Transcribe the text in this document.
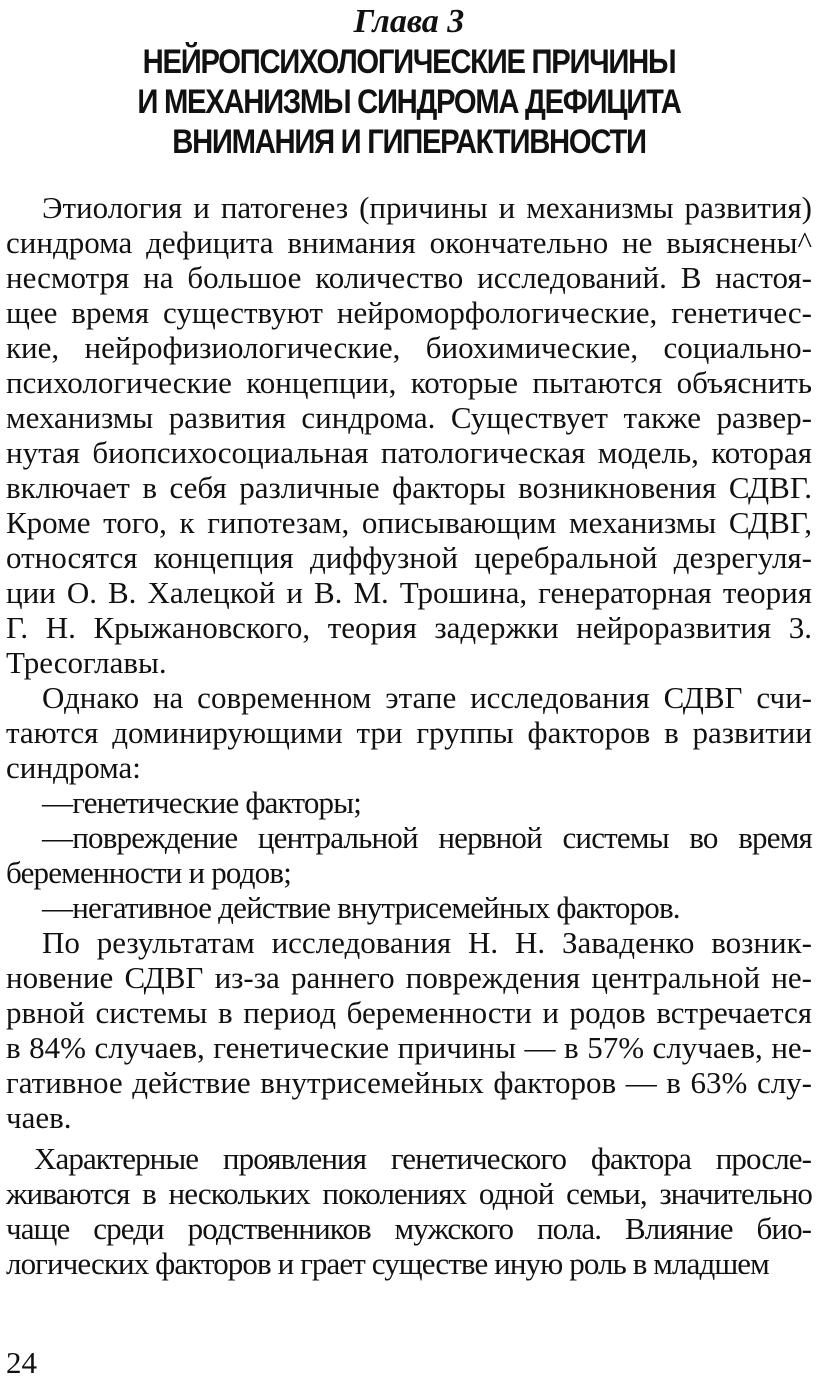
Глава 3
НЕЙРОПСИХОЛОГИЧЕСКИЕ ПРИЧИНЫ
И МЕХАНИЗМЫ СИНДРОМА ДЕФИЦИТА
ВНИМАНИЯ И ГИПЕРАКТИВНОСТИ

Этиология и патогенез (причины и механизмы развития) синдрома дефицита внимания окончательно не выяснены^ несмотря на большое количество исследований. В настоящее время существуют нейроморфологические, генетические, нейрофизиологические, биохимические, социально-психологические концепции, которые пытаются объяснить механизмы развития синдрома. Существует также развернутая биопсихосоциальная патологическая модель, которая включает в себя различные факторы возникновения СДВГ. Кроме того, к гипотезам, описывающим механизмы СДВГ, относятся концепция диффузной церебральной дезрегуляции О. В. Халецкой и В. М. Трошина, генераторная теория Г. Н. Крыжановского, теория задержки нейроразвития 3. Тресоглавы.

Однако на современном этапе исследования СДВГ считаются доминирующими три группы факторов в развитии синдрома:

—генетические факторы;

—повреждение центральной нервной системы во время беременности и родов;

—негативное действие внутрисемейных факторов.

По результатам исследования Н. Н. Заваденко возникновение СДВГ из-за раннего повреждения центральной нервной системы в период беременности и родов встречается в 84% случаев, генетические причины — в 57% случаев, негативное действие внутрисемейных факторов — в 63% случаев.

Характерные проявления генетического фактора прослеживаются в нескольких поколениях одной семьи, значительно чаще среди родственников мужского пола. Влияние биологических факторов и грает существе иную роль в младшем

24
